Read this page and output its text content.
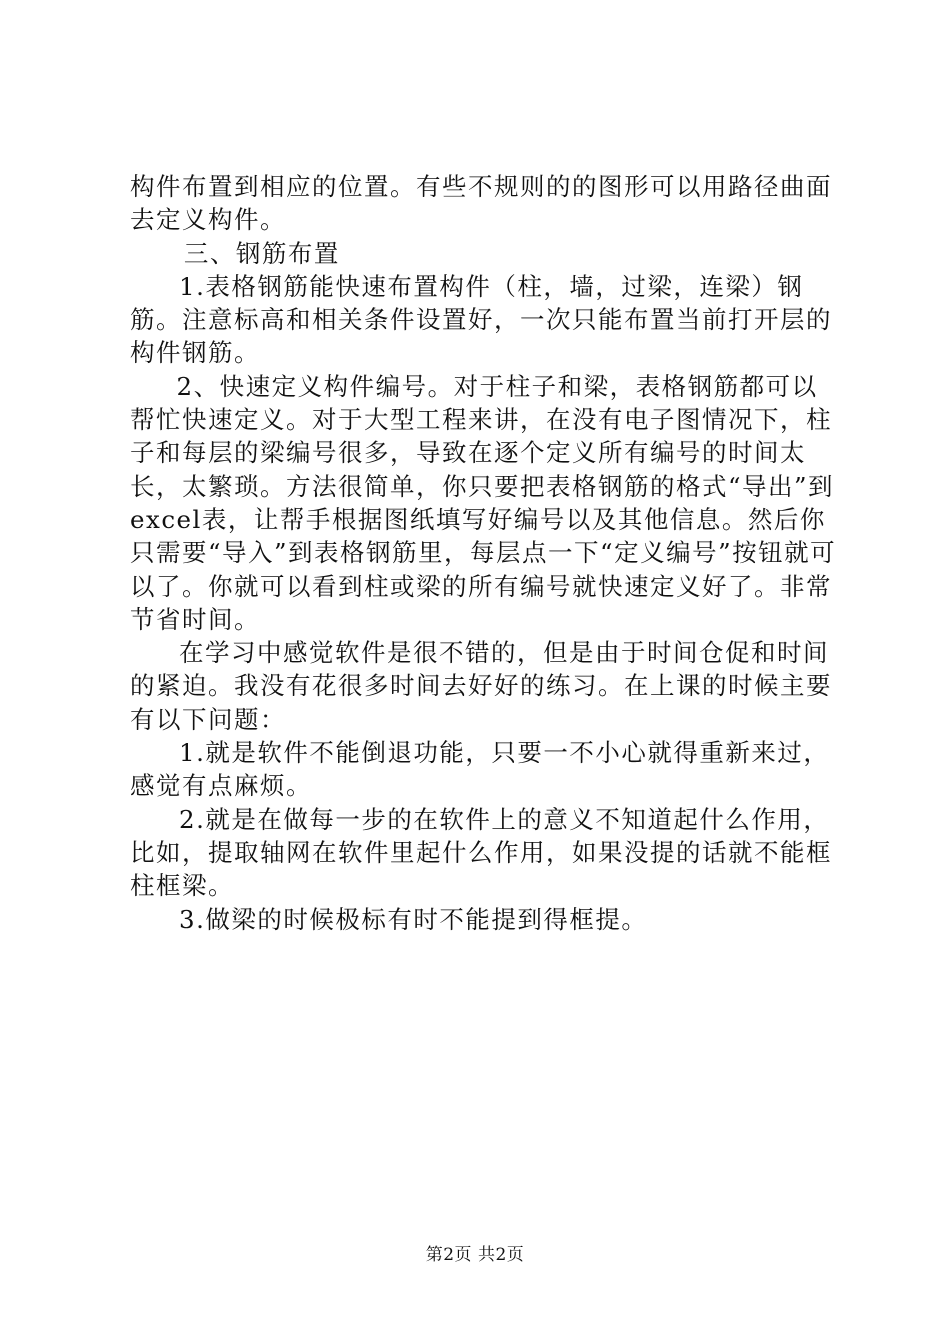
构件布置到相应的位置。有些不规则的的图形可以用路径曲面去定义构件。

三、钢筋布置

1.表格钢筋能快速布置构件（柱，墙，过梁，连梁）钢筋。注意标高和相关条件设置好，一次只能布置当前打开层的构件钢筋。

2、快速定义构件编号。对于柱子和梁，表格钢筋都可以帮忙快速定义。对于大型工程来讲，在没有电子图情况下，柱子和每层的梁编号很多，导致在逐个定义所有编号的时间太长，太繁琐。方法很简单，你只要把表格钢筋的格式“导出”到excel表，让帮手根据图纸填写好编号以及其他信息。然后你只需要“导入”到表格钢筋里，每层点一下“定义编号”按钮就可以了。你就可以看到柱或梁的所有编号就快速定义好了。非常节省时间。

在学习中感觉软件是很不错的，但是由于时间仓促和时间的紧迫。我没有花很多时间去好好的练习。在上课的时候主要有以下问题：

1.就是软件不能倒退功能，只要一不小心就得重新来过，感觉有点麻烦。

2.就是在做每一步的在软件上的意义不知道起什么作用，比如，提取轴网在软件里起什么作用，如果没提的话就不能框柱框梁。

3.做梁的时候极标有时不能提到得框提。

第2页 共2页
